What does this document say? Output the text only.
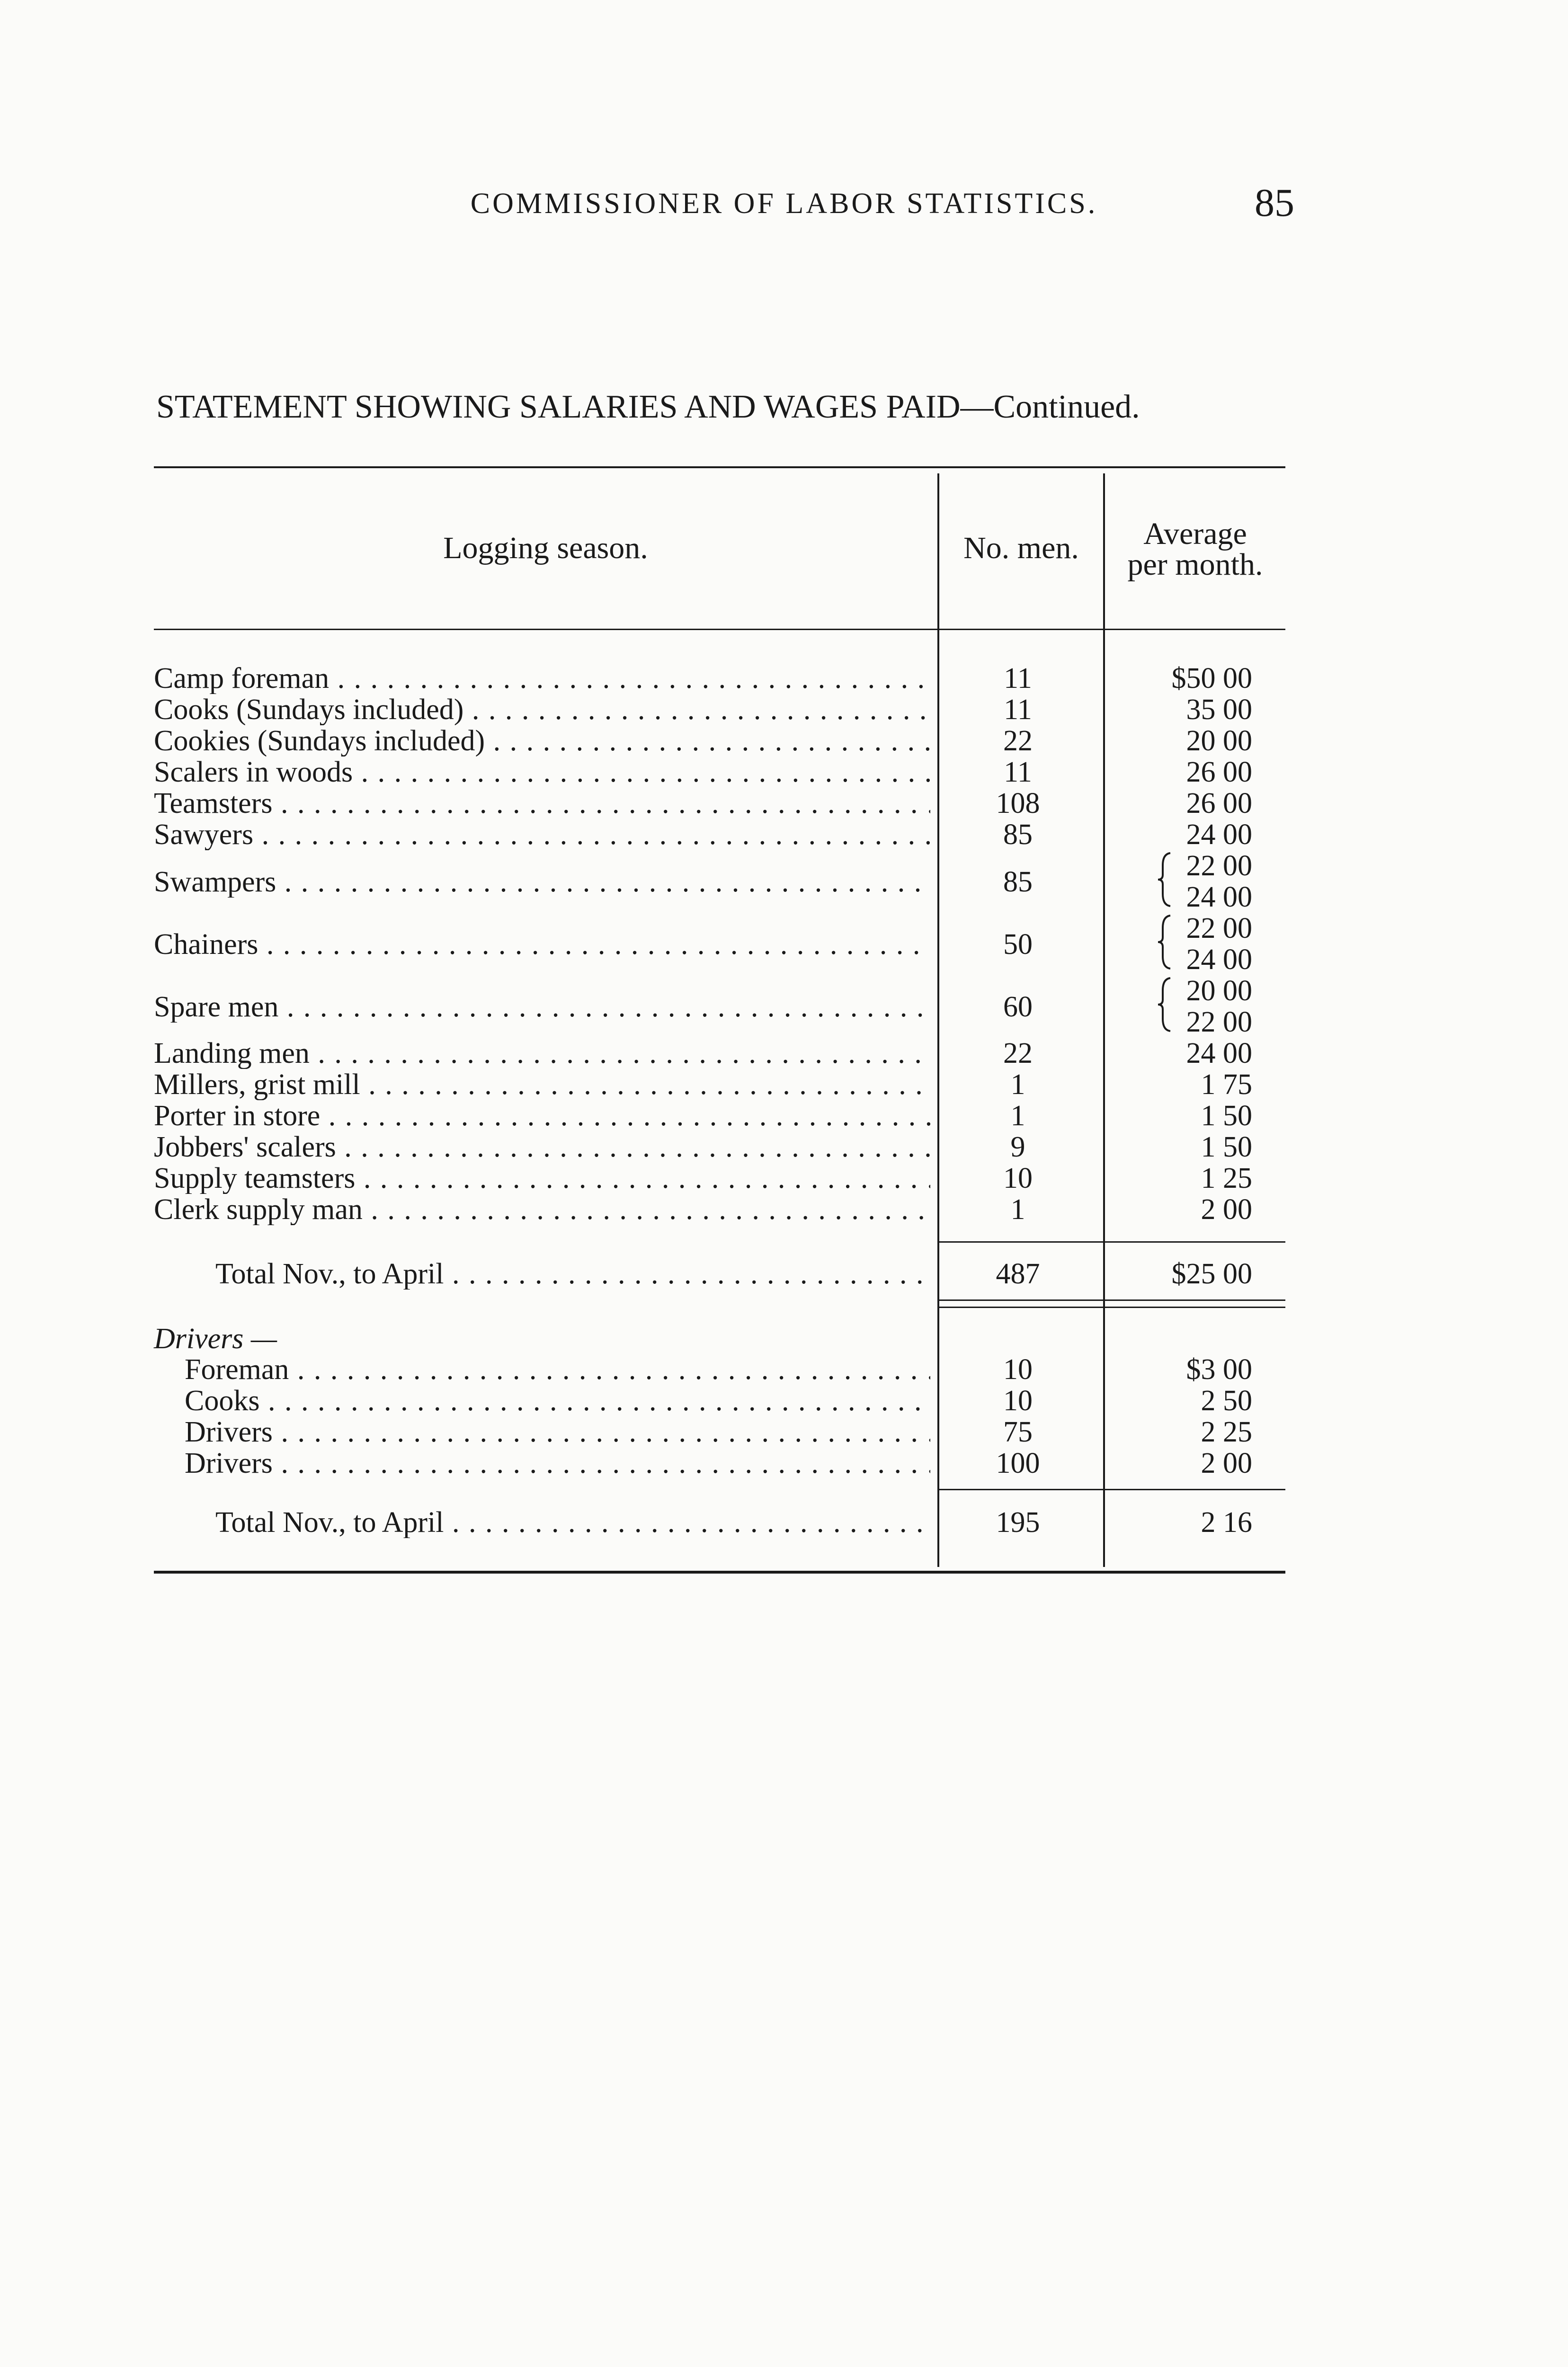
COMMISSIONER OF LABOR STATISTICS.	85
STATEMENT SHOWING SALARIES AND WAGES PAID—Continued.
Logging season.	No. men.	Average
per month.
Camp foreman . . .	11	$50 00
Cooks (Sundays included) . . .	11	35 00
Cookies (Sundays included) . . .	22	20 00
Scalers in woods . . .	11	26 00
Teamsters . . .	108	26 00
Sawyers . . .	85	24 00
Swampers . . .	85	22 00
24 00
Chainers . . .	50	22 00
24 00
Spare men . . .	60	20 00
22 00
Landing men . . .	22	24 00
Millers, grist mill . . .	1	1 75
Porter in store . . .	1	1 50
Jobbers' scalers . . .	9	1 50
Supply teamsters . . .	10	1 25
Clerk supply man . . .	1	2 00
Total Nov., to April . . .	487	$25 00
Drivers —
Foreman . . .	10	$3 00
Cooks . . .	10	2 50
Drivers . . .	75	2 25
Drivers . . .	100	2 00
Total Nov., to April . . .	195	2 16
